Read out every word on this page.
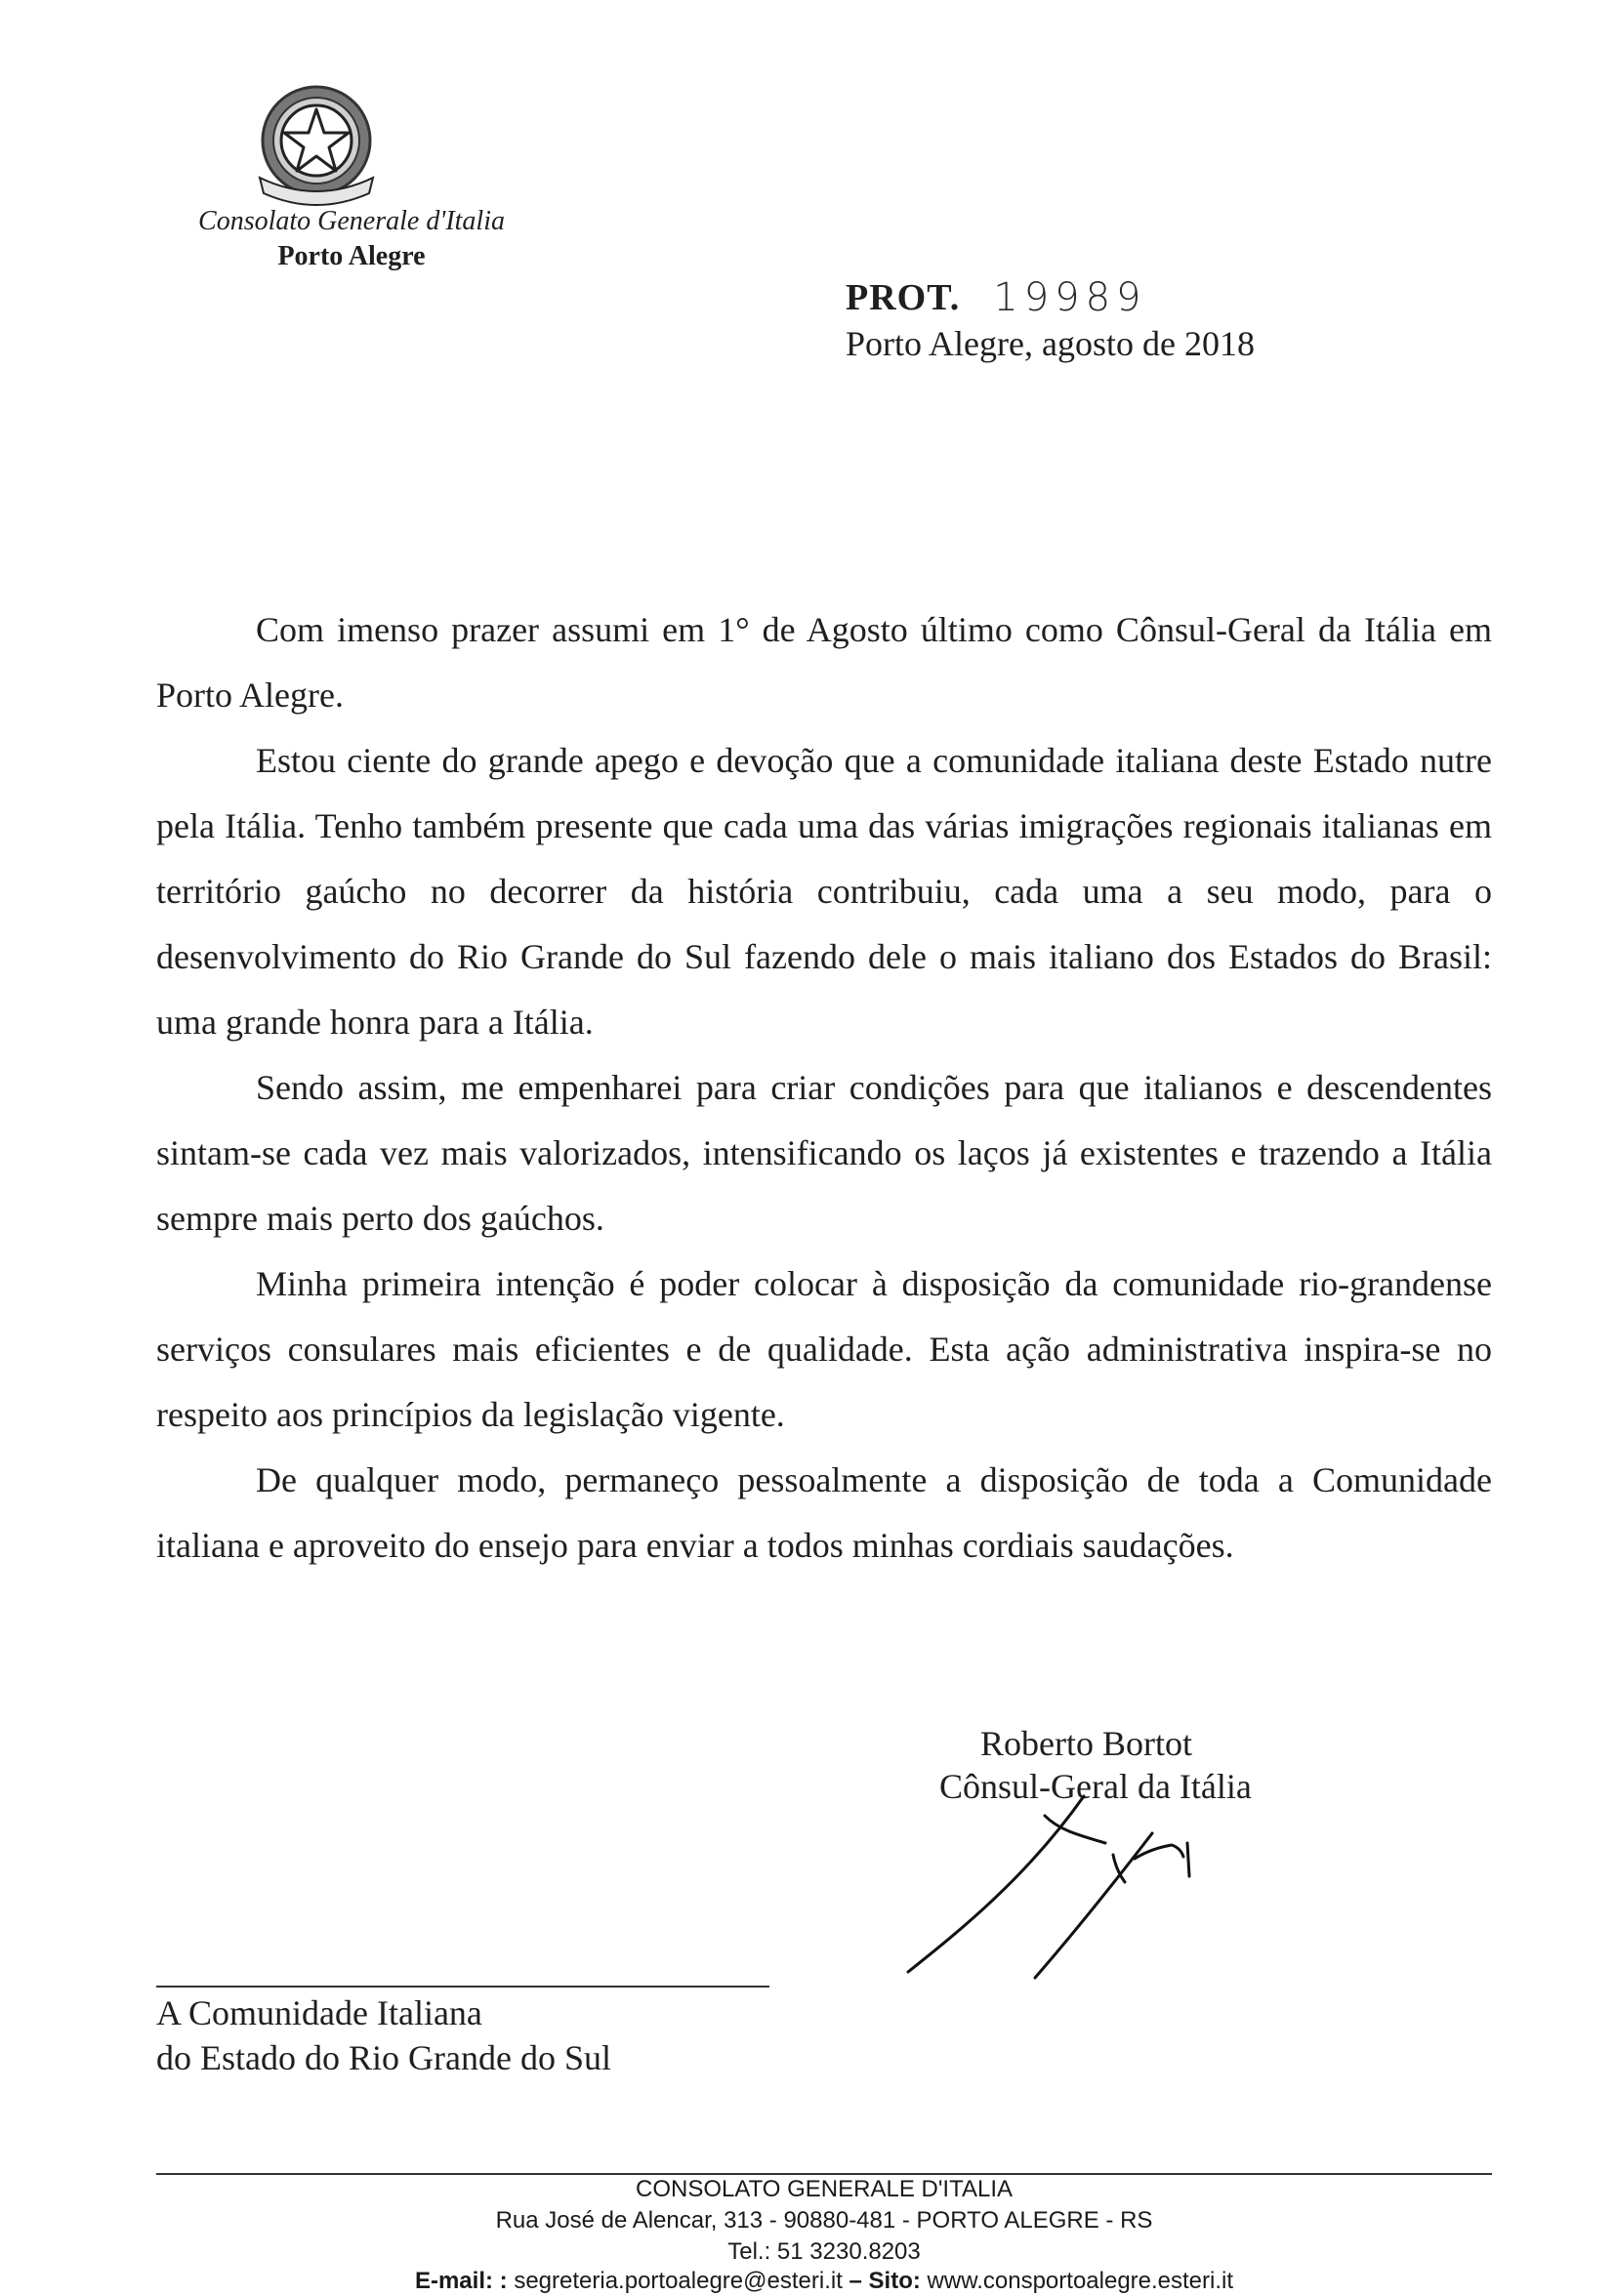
Consolato Generale d'Italia
Porto Alegre
PROT. 19989
Porto Alegre, agosto de 2018

Com imenso prazer assumi em 1° de Agosto último como Cônsul-Geral da Itália em Porto Alegre.

Estou ciente do grande apego e devoção que a comunidade italiana deste Estado nutre pela Itália. Tenho também presente que cada uma das várias imigrações regionais italianas em território gaúcho no decorrer da história contribuiu, cada uma a seu modo, para o desenvolvimento do Rio Grande do Sul fazendo dele o mais italiano dos Estados do Brasil: uma grande honra para a Itália.

Sendo assim, me empenharei para criar condições para que italianos e descendentes sintam-se cada vez mais valorizados, intensificando os laços já existentes e trazendo a Itália sempre mais perto dos gaúchos.

Minha primeira intenção é poder colocar à disposição da comunidade rio-grandense serviços consulares mais eficientes e de qualidade. Esta ação administrativa inspira-se no respeito aos princípios da legislação vigente.

De qualquer modo, permaneço pessoalmente a disposição de toda a Comunidade italiana e aproveito do ensejo para enviar a todos minhas cordiais saudações.

Roberto Bortot
Cônsul-Geral da Itália
A Comunidade Italiana
do Estado do Rio Grande do Sul
CONSOLATO GENERALE D'ITALIA
Rua José de Alencar, 313 - 90880-481 - PORTO ALEGRE - RS
Tel.: 51 3230.8203
E-mail: : segreteria.portoalegre@esteri.it – Sito: www.consportoalegre.esteri.it
